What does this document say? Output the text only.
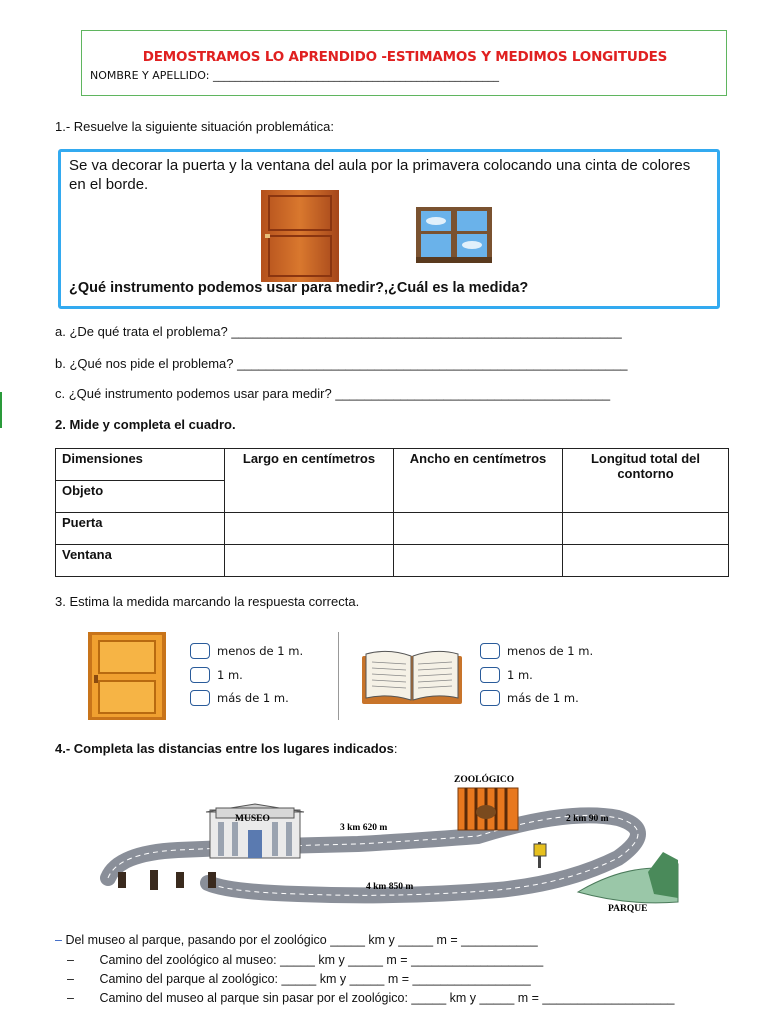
DEMOSTRAMOS LO APRENDIDO -ESTIMAMOS Y MEDIMOS LONGITUDES
NOMBRE Y APELLIDO: ____________________________________________________
1.- Resuelve la siguiente situación problemática:
Se va decorar la puerta y la ventana del aula por la primavera colocando una cinta de colores en el borde.
¿Qué instrumento podemos usar para medir?,¿Cuál es la medida?
a. ¿De qué trata el problema? ______________________________________________________
b. ¿Qué nos pide el problema? ______________________________________________________
c. ¿Qué instrumento podemos usar para medir? ______________________________________
2. Mide y completa el cuadro.
Dimensiones	Largo en centímetros	Ancho en centímetros	Longitud total del contorno
Objeto			
Puerta			
Ventana			
3. Estima la medida marcando la respuesta correcta.
menos de 1 m.
1 m.
más de 1 m.
menos de 1 m.
1 m.
más de 1 m.
4.- Completa las distancias entre los lugares indicados:
MUSEO
ZOOLÓGICO
PARQUE
3 km 620 m
2 km 90 m
4 km 850 m
– Del museo al parque, pasando por el zoológico _____ km y _____ m = ___________
– Camino del zoológico al museo: _____ km y _____ m = ___________________
– Camino del parque al zoológico: _____ km y _____ m = _________________
– Camino del museo al parque sin pasar por el zoológico: _____ km y _____ m = ___________________
